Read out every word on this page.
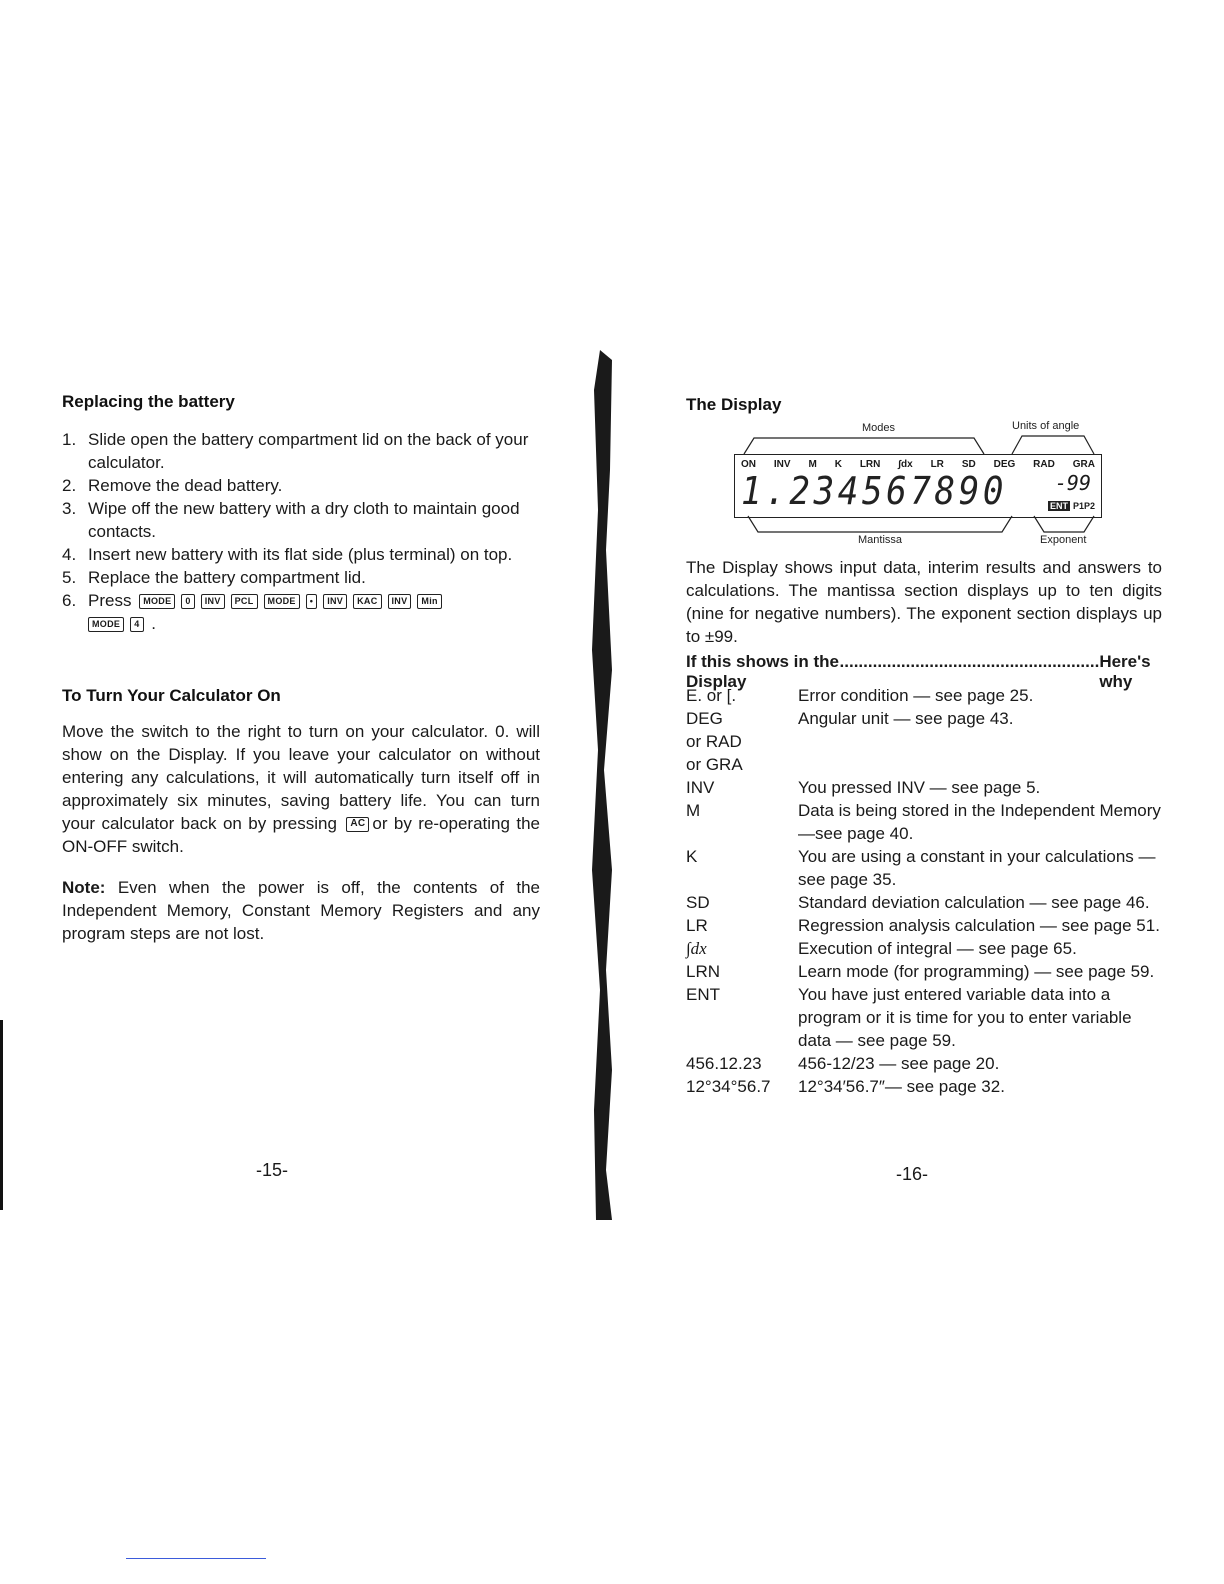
Replacing the battery
1. Slide open the battery compartment lid on the back of your calculator.
2. Remove the dead battery.
3. Wipe off the new battery with a dry cloth to maintain good contacts.
4. Insert new battery with its flat side (plus terminal) on top.
5. Replace the battery compartment lid.
6. Press MODE 0 INV PCL MODE • INV KAC INV Min
MODE 4 .
To Turn Your Calculator On

Move the switch to the right to turn on your calculator. 0. will show on the Display. If you leave your calculator on without entering any calculations, it will automatically turn itself off in approximately six minutes, saving battery life. You can turn your calculator back on by pressing AC or by re-operating the ON-OFF switch.

Note: Even when the power is off, the contents of the Independent Memory, Constant Memory Registers and any program steps are not lost.

-15-
The Display
Modes	Units of angle
ON INV M K LRN ∫dx LR SD DEG RAD GRA
1.234567890 -99
ENT P1P2
Mantissa	Exponent

The Display shows input data, interim results and answers to calculations. The mantissa section displays up to ten digits (nine for negative numbers). The exponent section displays up to ±99.

If this shows in the Display
....................................................... Here's why
E. or [.	Error condition — see page 25.
DEG	Angular unit — see page 43.
or RAD
or GRA
INV	You pressed INV — see page 5.
M	Data is being stored in the Independent Memory—see page 40.
K	You are using a constant in your calculations — see page 35.
SD	Standard deviation calculation — see page 46.
LR	Regression analysis calculation — see page 51.
∫dx	Execution of integral — see page 65.
LRN	Learn mode (for programming) — see page 59.
ENT	You have just entered variable data into a program or it is time for you to enter variable data — see page 59.
456.12.23	456-12/23 — see page 20.
12°34°56.7	12°34′56.7″— see page 32.
-16-
